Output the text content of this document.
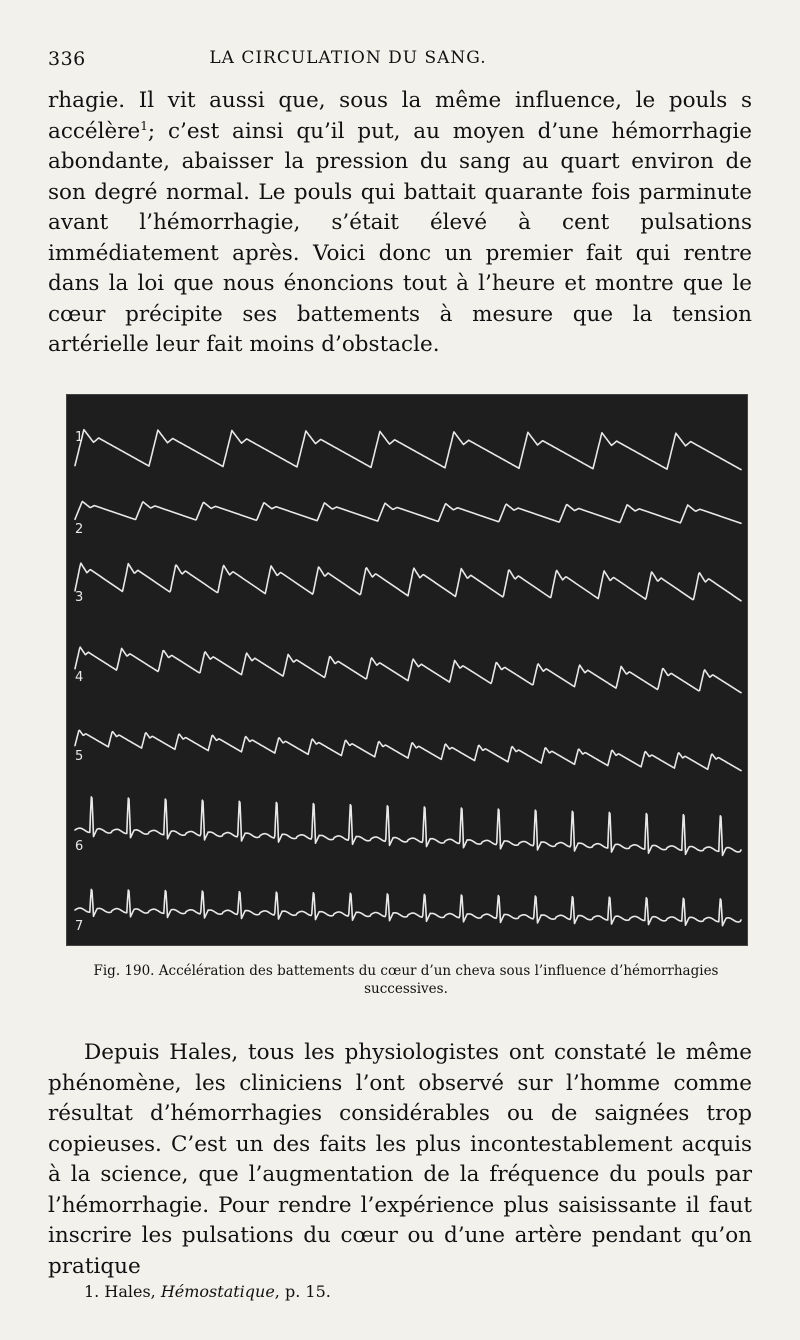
336	LA CIRCULATION DU SANG.

rhagie. Il vit aussi que, sous la même influence, le pouls s accélère$^1$; c’est ainsi qu’il put, au moyen d’une hémorrhagie abondante, abaisser la pression du sang au quart environ de son degré normal. Le pouls qui battait quarante fois parminute avant l’hémorrhagie, s’était élevé à cent pulsations immédiatement après. Voici donc un premier fait qui rentre dans la loi que nous énoncions tout à l’heure et montre que le cœur précipite ses battements à mesure que la tension artérielle leur fait moins d’obstacle.

1
2
3
4
5
6
7
Fig. 190. Accélération des battements du cœur d’un cheva sous l’influence d’hémorrhagies successives.

Depuis Hales, tous les physiologistes ont constaté le même phénomène, les cliniciens l’ont observé sur l’homme comme résultat d’hémorrhagies considérables ou de saignées trop copieuses. C’est un des faits les plus incontestablement acquis à la science, que l’augmentation de la fréquence du pouls par l’hémorrhagie. Pour rendre l’expérience plus saisissante il faut inscrire les pulsations du cœur ou d’une artère pendant qu’on pratique

1. Hales, Hémostatique, p. 15.
